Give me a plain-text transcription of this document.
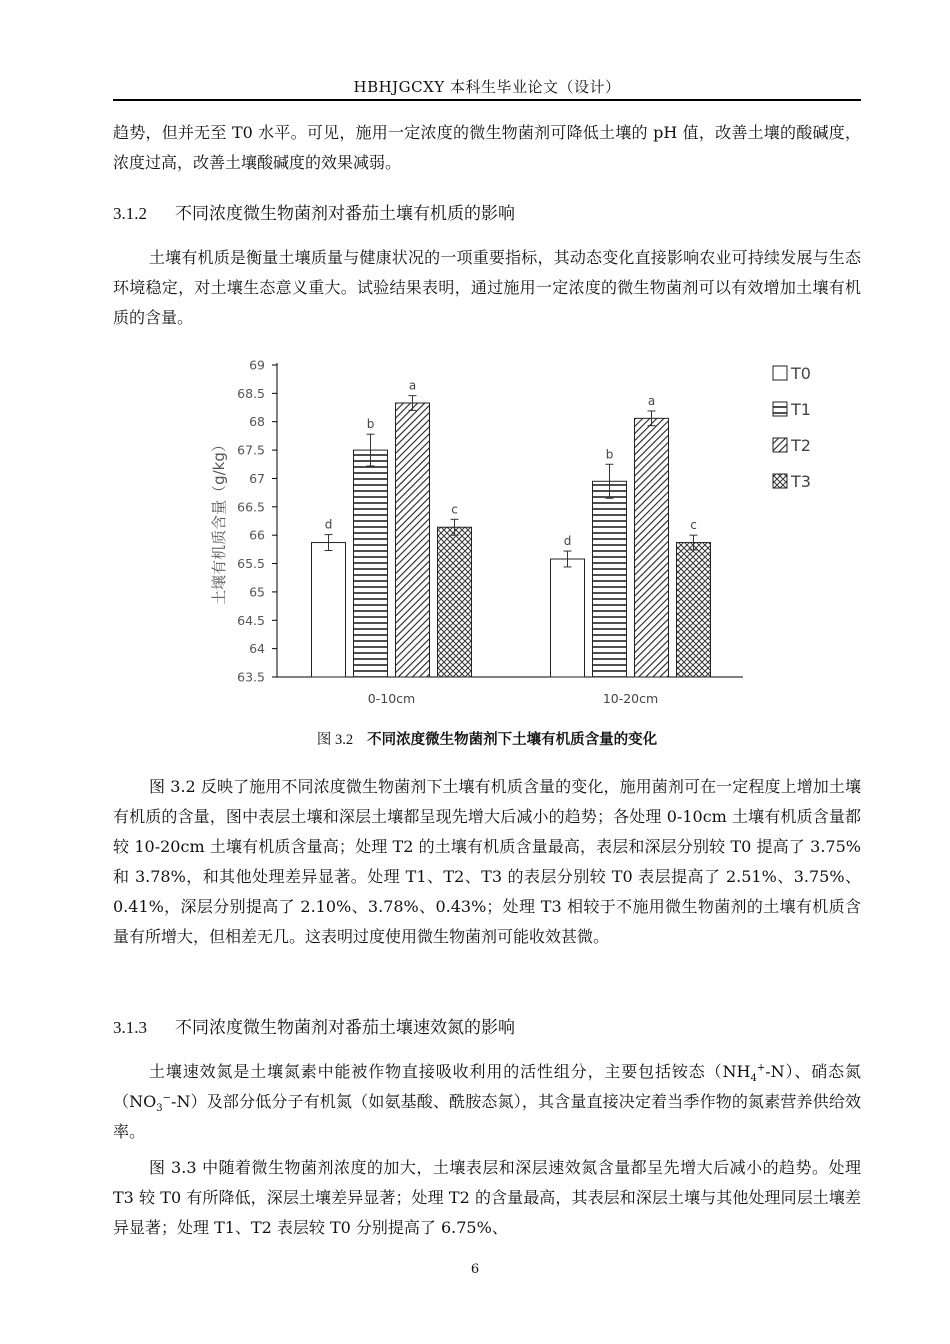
HBHJGCXY 本科生毕业论文（设计）

趋势，但并无至 T0 水平。可见，施用一定浓度的微生物菌剂可降低土壤的 pH 值，改善土壤的酸碱度，浓度过高，改善土壤酸碱度的效果减弱。

3.1.2 不同浓度微生物菌剂对番茄土壤有机质的影响

土壤有机质是衡量土壤质量与健康状况的一项重要指标，其动态变化直接影响农业可持续发展与生态环境稳定，对土壤生态意义重大。试验结果表明，通过施用一定浓度的微生物菌剂可以有效增加土壤有机质的含量。

63.5
64
64.5
65
65.5
66
66.5
67
67.5
68
68.5
69
土壤有机质含量（g/kg）	d
b
a
c
0-10cm
d
b
a
c
10-20cm
T0
T1
T2
T3
图 3.2 不同浓度微生物菌剂下土壤有机质含量的变化

图 3.2 反映了施用不同浓度微生物菌剂下土壤有机质含量的变化，施用菌剂可在一定程度上增加土壤有机质的含量，图中表层土壤和深层土壤都呈现先增大后减小的趋势；各处理 0-10cm 土壤有机质含量都较 10-20cm 土壤有机质含量高；处理 T2 的土壤有机质含量最高，表层和深层分别较 T0 提高了 3.75%和 3.78%，和其他处理差异显著。处理 T1、T2、T3 的表层分别较 T0 表层提高了 2.51%、3.75%、0.41%，深层分别提高了 2.10%、3.78%、0.43%；处理 T3 相较于不施用微生物菌剂的土壤有机质含量有所增大，但相差无几。这表明过度使用微生物菌剂可能收效甚微。

3.1.3 不同浓度微生物菌剂对番茄土壤速效氮的影响

土壤速效氮是土壤氮素中能被作物直接吸收利用的活性组分，主要包括铵态$(NH_4^+-N)$、硝态氮$(NO_3^--N)$及部分低分子有机氮（如氨基酸、酰胺态氮），其含量直接决定着当季作物的氮素营养供给效率。

图 3.3 中随着微生物菌剂浓度的加大，土壤表层和深层速效氮含量都呈先增大后减小的趋势。处理 T3 较 T0 有所降低，深层土壤差异显著；处理 T2 的含量最高，其表层和深层土壤与其他处理同层土壤差异显著；处理 T1、T2 表层较 T0 分别提高了 6.75%、

6
